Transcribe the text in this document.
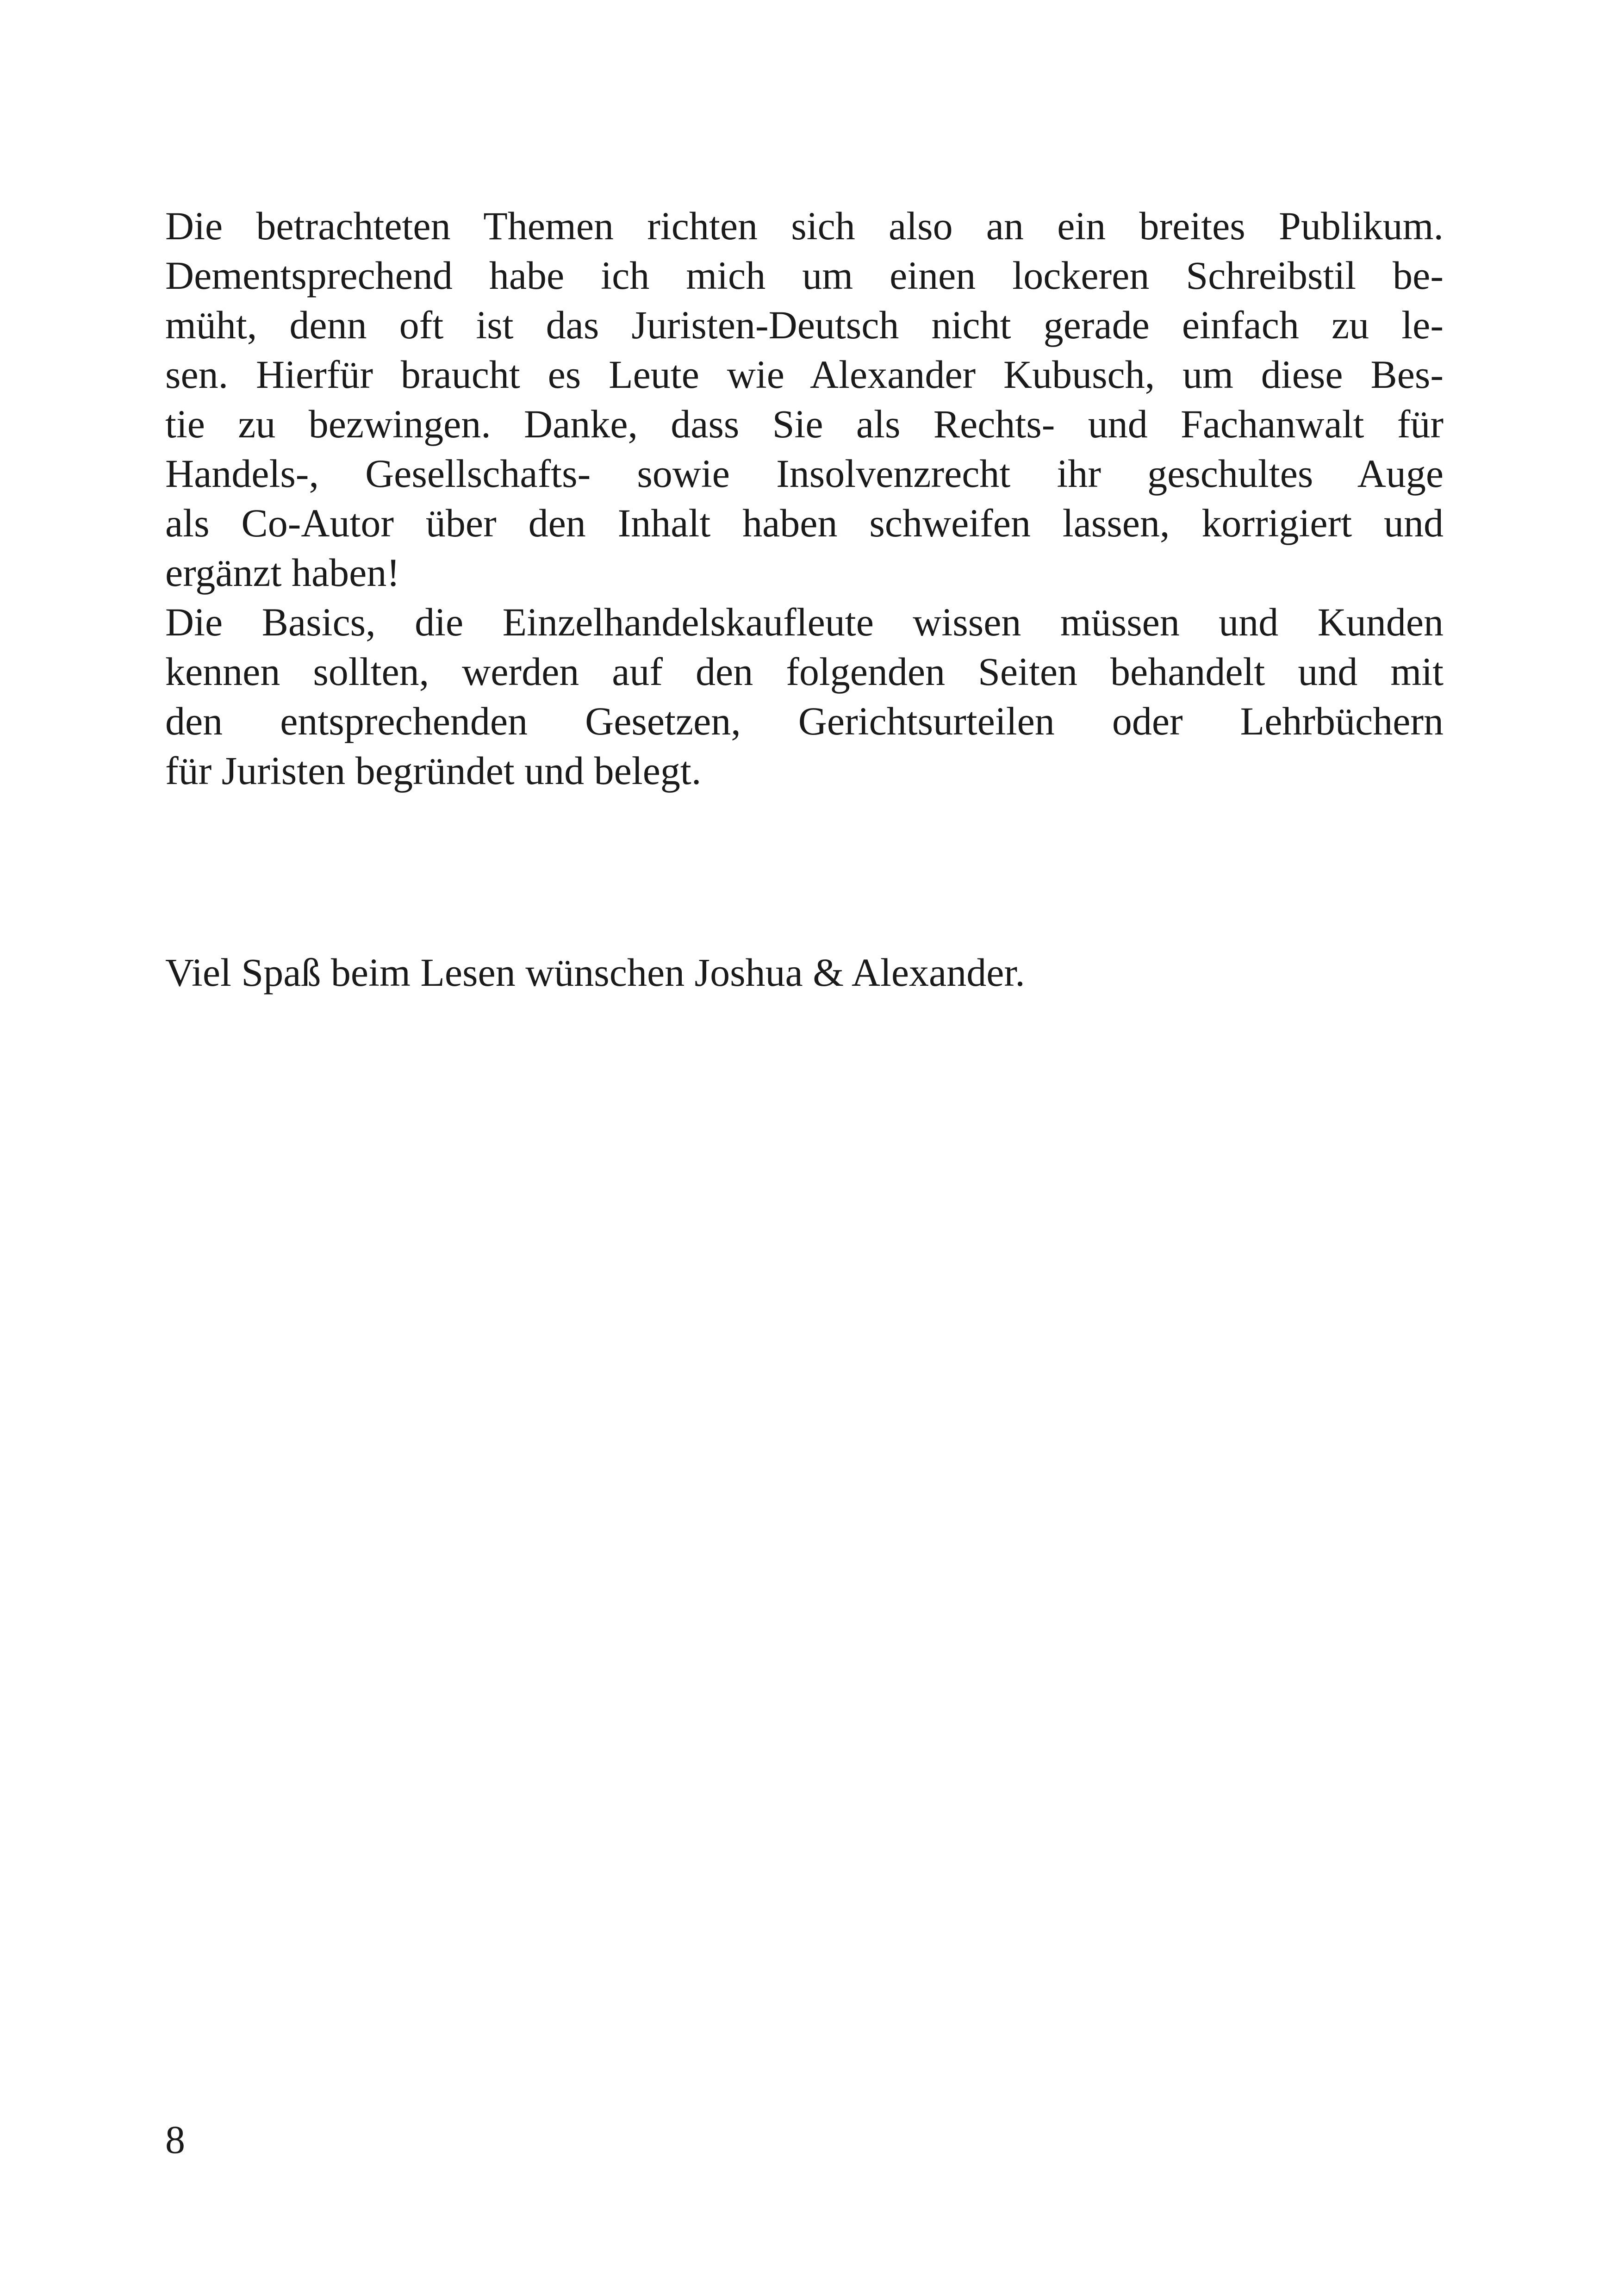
Die betrachteten Themen richten sich also an ein breites Publikum.
Dementsprechend habe ich mich um einen lockeren Schreibstil be-
müht, denn oft ist das Juristen-Deutsch nicht gerade einfach zu le-
sen. Hierfür braucht es Leute wie Alexander Kubusch, um diese Bes-
tie zu bezwingen. Danke, dass Sie als Rechts- und Fachanwalt für
Handels-, Gesellschafts- sowie Insolvenzrecht ihr geschultes Auge
als Co-Autor über den Inhalt haben schweifen lassen, korrigiert und
ergänzt haben!

Die Basics, die Einzelhandelskaufleute wissen müssen und Kunden
kennen sollten, werden auf den folgenden Seiten behandelt und mit
den entsprechenden Gesetzen, Gerichtsurteilen oder Lehrbüchern
für Juristen begründet und belegt.

Viel Spaß beim Lesen wünschen Joshua & Alexander.

8
